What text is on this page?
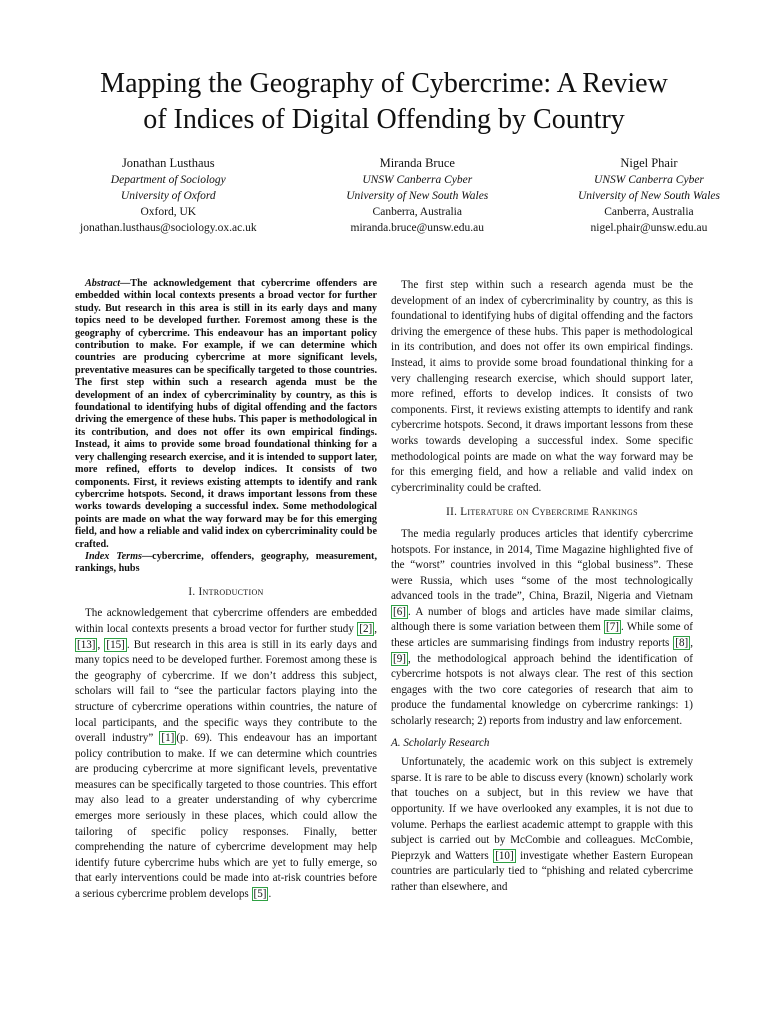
Mapping the Geography of Cybercrime: A Review
of Indices of Digital Offending by Country
Jonathan Lusthaus
Department of Sociology
University of Oxford
Oxford, UK
jonathan.lusthaus@sociology.ox.ac.uk
Miranda Bruce
UNSW Canberra Cyber
University of New South Wales
Canberra, Australia
miranda.bruce@unsw.edu.au
Nigel Phair
UNSW Canberra Cyber
University of New South Wales
Canberra, Australia
nigel.phair@unsw.edu.au

Abstract—The acknowledgement that cybercrime offenders are embedded within local contexts presents a broad vector for further study. But research in this area is still in its early days and many topics need to be developed further. Foremost among these is the geography of cybercrime. This endeavour has an important policy contribution to make. For example, if we can determine which countries are producing cybercrime at more significant levels, preventative measures can be specifically targeted to those countries. The first step within such a research agenda must be the development of an index of cybercriminality by country, as this is foundational to identifying hubs of digital offending and the factors driving the emergence of these hubs. This paper is methodological in its contribution, and does not offer its own empirical findings. Instead, it aims to provide some broad foundational thinking for a very challenging research exercise, and it is intended to support later, more refined, efforts to develop indices. It consists of two components. First, it reviews existing attempts to identify and rank cybercrime hotspots. Second, it draws important lessons from these works towards developing a successful index. Some methodological points are made on what the way forward may be for this emerging field, and how a reliable and valid index on cybercriminality could be crafted.

Index Terms—cybercrime, offenders, geography, measurement, rankings, hubs

I. Introduction

The acknowledgement that cybercrime offenders are embedded within local contexts presents a broad vector for further study [2] , [13] , [15] . But research in this area is still in its early days and many topics need to be developed further. Foremost among these is the geography of cybercrime. If we don’t address this subject, scholars will fail to “see the particular factors playing into the structure of cybercrime operations within countries, the nature of local participants, and the specific ways they contribute to the overall industry” [1] (p. 69). This endeavour has an important policy contribution to make. If we can determine which countries are producing cybercrime at more significant levels, preventative measures can be specifically targeted to those countries. This effort may also lead to a greater understanding of why cybercrime emerges more seriously in these places, which could allow the tailoring of specific policy responses. Finally, better comprehending the nature of cybercrime development may help identify future cybercrime hubs which are yet to fully emerge, so that early interventions could be made into at-risk countries before a serious cybercrime problem develops [5] .

The first step within such a research agenda must be the development of an index of cybercriminality by country, as this is foundational to identifying hubs of digital offending and the factors driving the emergence of these hubs. This paper is methodological in its contribution, and does not offer its own empirical findings. Instead, it aims to provide some broad foundational thinking for a very challenging research exercise, which should support later, more refined, efforts to develop indices. It consists of two components. First, it reviews existing attempts to identify and rank cybercrime hotspots. Second, it draws important lessons from these works towards developing a successful index. Some specific methodological points are made on what the way forward may be for this emerging field, and how a reliable and valid index on cybercriminality could be crafted.

II. Literature on Cybercrime Rankings

The media regularly produces articles that identify cybercrime hotspots. For instance, in 2014, Time Magazine highlighted five of the “worst” countries involved in this “global business”. These were Russia, which uses “some of the most technologically advanced tools in the trade”, China, Brazil, Nigeria and Vietnam [6] . A number of blogs and articles have made similar claims, although there is some variation between them [7] . While some of these articles are summarising findings from industry reports [8] , [9] , the methodological approach behind the identification of cybercrime hotspots is not always clear. The rest of this section engages with the two core categories of research that aim to produce the fundamental knowledge on cybercrime rankings: 1) scholarly research; 2) reports from industry and law enforcement.

A. Scholarly Research

Unfortunately, the academic work on this subject is extremely sparse. It is rare to be able to discuss every (known) scholarly work that touches on a subject, but in this review we have that opportunity. If we have overlooked any examples, it is not due to volume. Perhaps the earliest academic attempt to grapple with this subject is carried out by McCombie and colleagues. McCombie, Pieprzyk and Watters [10] investigate whether Eastern European countries are particularly tied to “phishing and related cybercrime rather than elsewhere, and
